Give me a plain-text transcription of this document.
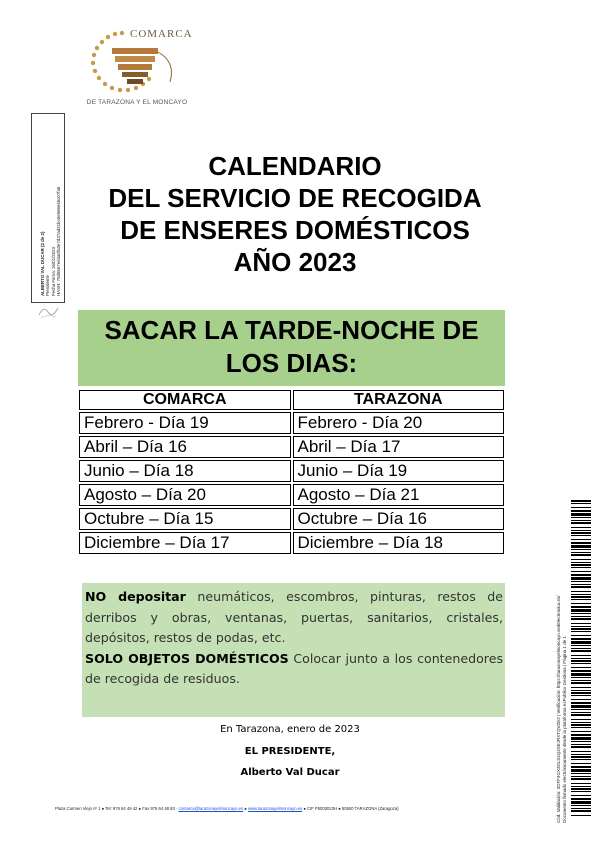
COMARCA
DE TARAZONA Y EL MONCAYO
ALBERTO VAL DUCAR (2 de 2) Presidente Fecha Firma: 26/01/2023 HASH: 76d5567ed4a0fa3e7d37ad31bc6e9e8e46c07fa5
CALENDARIO
DEL SERVICIO DE RECOGIDA
DE ENSERES DOMÉSTICOS
AÑO 2023
SACAR LA TARDE-NOCHE DE
LOS DIAS:
COMARCA	TARAZONA
Febrero - Día 19	Febrero - Día 20
Abril – Día 16	Abril – Día 17
Junio – Día 18	Junio – Día 19
Agosto – Día 20	Agosto – Día 21
Octubre – Día 15	Octubre – Día 16
Diciembre – Día 17	Diciembre – Día 18
NO depositar neumáticos, escombros, pinturas, restos de derribos y obras, ventanas, puertas, sanitarios, cristales, depósitos, restos de podas, etc.
SOLO OBJETOS DOMÉSTICOS Colocar junto a los contenedores de recogida de residuos.
En Tarazona, enero de 2023
EL PRESIDENTE,
Alberto Val Ducar
Plaza Carmen Viejo nº 1 ● Tel: 976 64 49 42 ● Fax 976 64 48 83 · comarca@tarazonayelmoncayo.es ● www.tarazonayelmoncayo.es ● CIF P5000023H ● 50500 TARAZONA (Zaragoza)	Cód. Validación: 3DTF3GX3DLS4Q4SEJRXTQVZE2 | Verificación: https://tarazonayelmoncayo.sedelectronica.es/ Documento firmado electrónicamente desde la plataforma esPublico Gestiona | Página 1 de 1
